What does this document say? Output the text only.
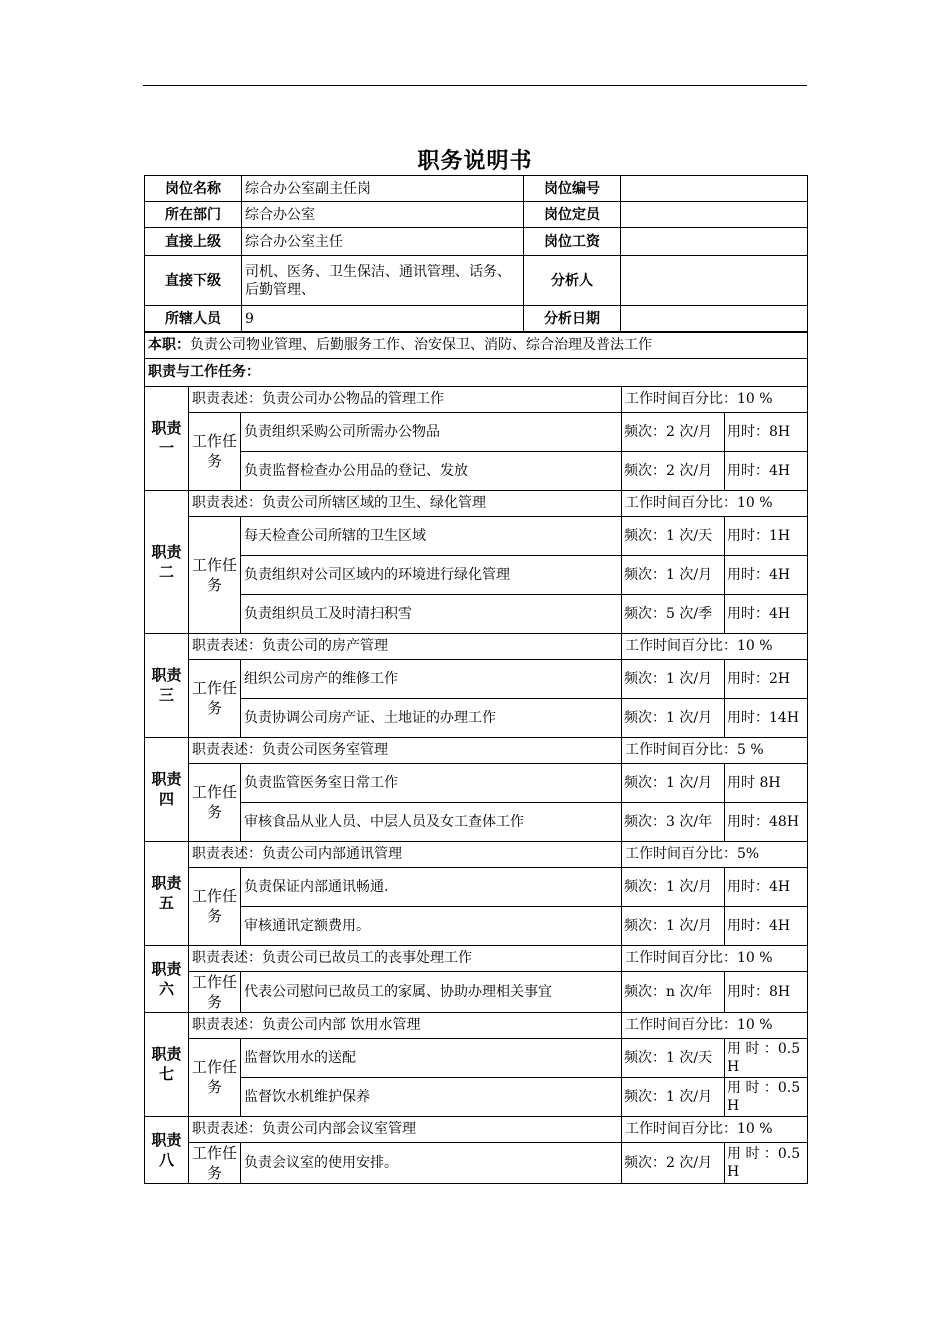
职务说明书
岗位名称	综合办公室副主任岗	岗位编号	
所在部门	综合办公室	岗位定员	
直接上级	综合办公室主任	岗位工资	
直接下级	司机、医务、卫生保洁、通讯管理、话务、后勤管理、	分析人	
所辖人员	9	分析日期	
本职：负责公司物业管理、后勤服务工作、治安保卫、消防、综合治理及普法工作				
职责与工作任务：				
职责一	职责表述：负责公司办公物品的管理工作		工作时间百分比：10 %	
	工作任务	负责组织采购公司所需办公物品	频次：2 次/月	用时：8H
		负责监督检查办公用品的登记、发放	频次：2 次/月	用时：4H
职责二	职责表述：负责公司所辖区域的卫生、绿化管理		工作时间百分比：10 %	
	工作任务	每天检查公司所辖的卫生区域	频次：1 次/天	用时：1H
		负责组织对公司区域内的环境进行绿化管理	频次：1 次/月	用时：4H
		负责组织员工及时清扫积雪	频次：5 次/季	用时：4H
职责三	职责表述：负责公司的房产管理		工作时间百分比：10 %	
	工作任务	组织公司房产的维修工作	频次：1 次/月	用时：2H
		负责协调公司房产证、土地证的办理工作	频次：1 次/月	用时：14H
职责四	职责表述：负责公司医务室管理		工作时间百分比：5 %	
	工作任务	负责监管医务室日常工作	频次：1 次/月	用时 8H
		审核食品从业人员、中层人员及女工查体工作	频次：3 次/年	用时：48H
职责五	职责表述：负责公司内部通讯管理		工作时间百分比：5%	
	工作任务	负责保证内部通讯畅通.	频次：1 次/月	用时：4H
		审核通讯定额费用。	频次：1 次/月	用时：4H
职责六	职责表述：负责公司已故员工的丧事处理工作		工作时间百分比：10 %	
	工作任务	代表公司慰问已故员工的家属、协助办理相关事宜	频次：n 次/年	用时：8H
职责七	职责表述：负责公司内部 饮用水管理		工作时间百分比：10 %	
	工作任务	监督饮用水的送配	频次：1 次/天	用 时 ：0.5H
		监督饮水机维护保养	频次：1 次/月	用 时 ：0.5H
职责八	职责表述：负责公司内部会议室管理		工作时间百分比：10 %	
	工作任务	负责会议室的使用安排。	频次：2 次/月	用 时 ：0.5H
